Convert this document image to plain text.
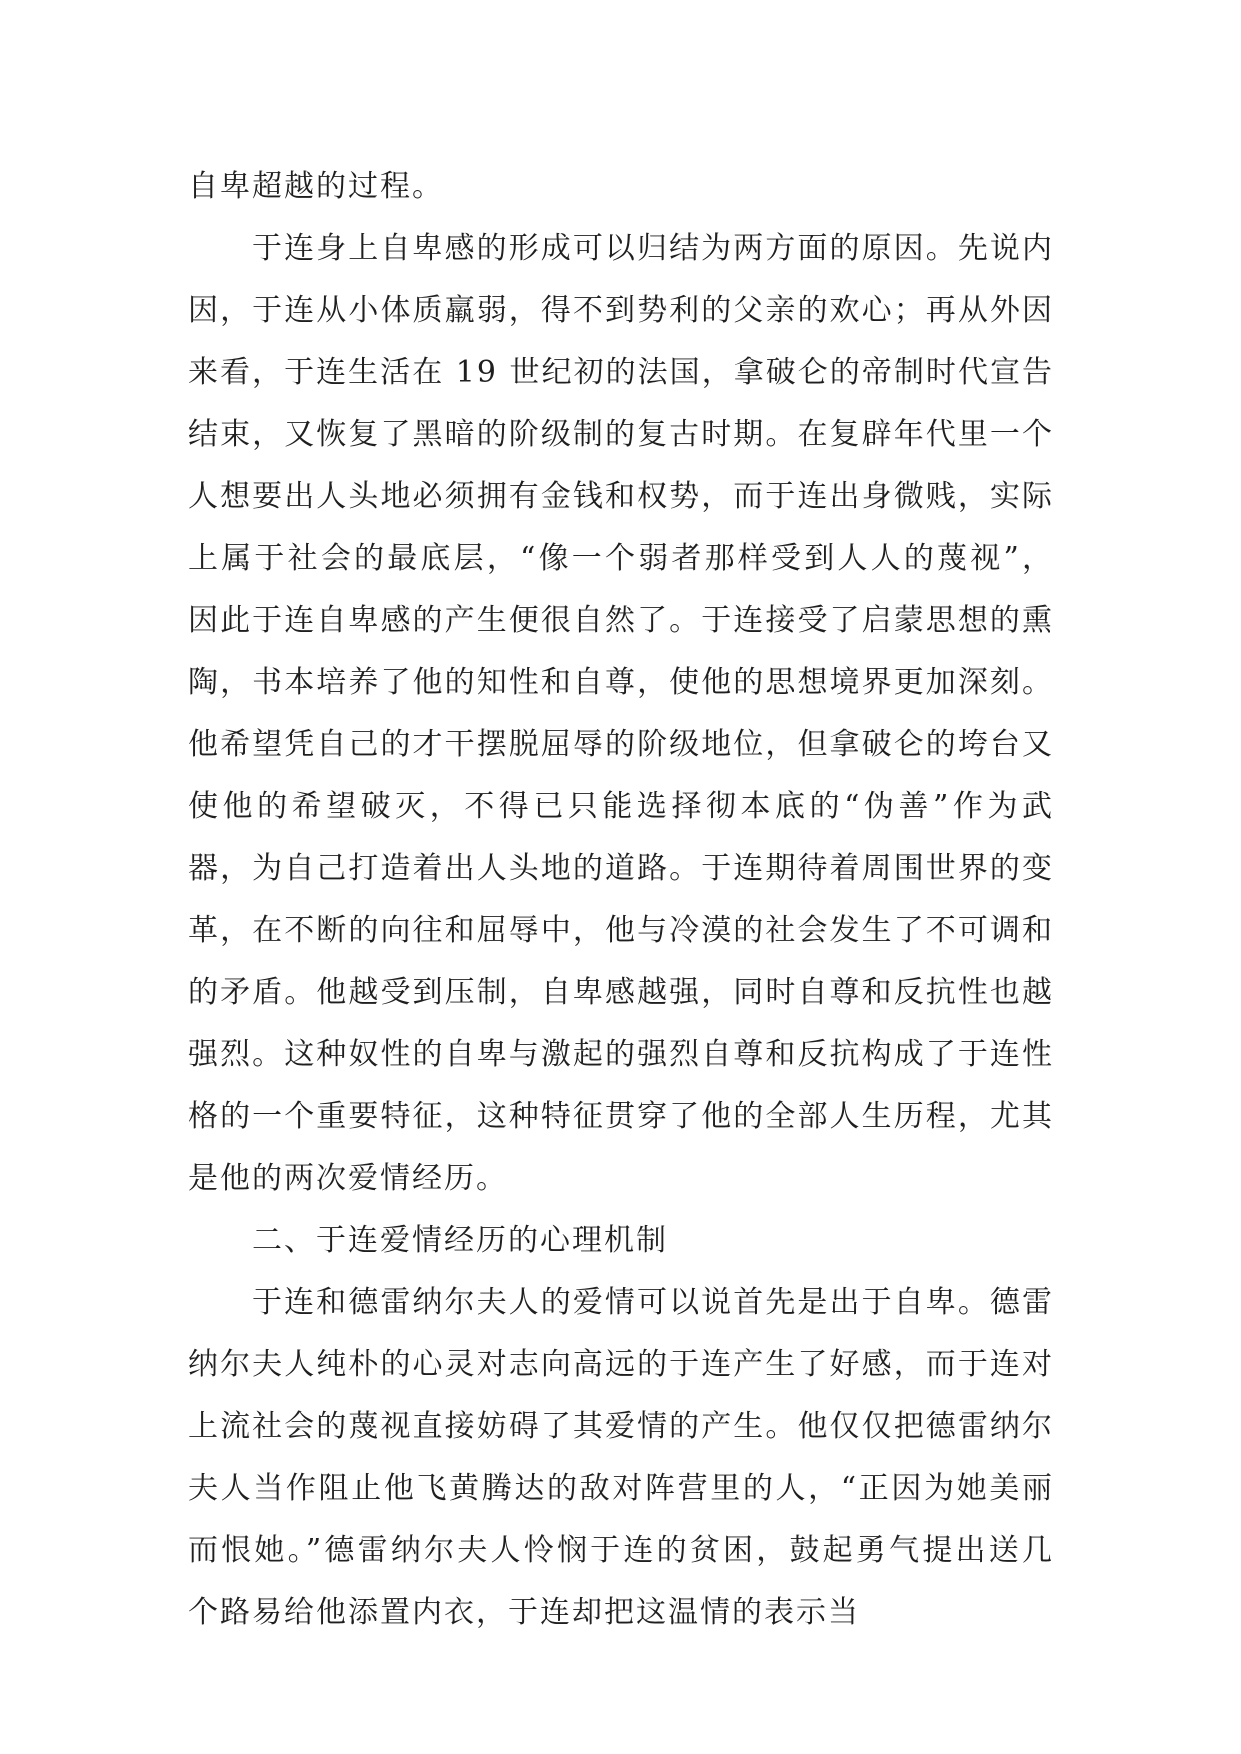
自卑超越的过程。

于连身上自卑感的形成可以归结为两方面的原因。先说内因，于连从小体质羸弱，得不到势利的父亲的欢心；再从外因来看，于连生活在 19 世纪初的法国，拿破仑的帝制时代宣告结束，又恢复了黑暗的阶级制的复古时期。在复辟年代里一个人想要出人头地必须拥有金钱和权势，而于连出身微贱，实际上属于社会的最底层，“像一个弱者那样受到人人的蔑视”，因此于连自卑感的产生便很自然了。于连接受了启蒙思想的熏陶，书本培养了他的知性和自尊，使他的思想境界更加深刻。他希望凭自己的才干摆脱屈辱的阶级地位，但拿破仑的垮台又使他的希望破灭，不得已只能选择彻本底的“伪善”作为武器，为自己打造着出人头地的道路。于连期待着周围世界的变革，在不断的向往和屈辱中，他与冷漠的社会发生了不可调和的矛盾。他越受到压制，自卑感越强，同时自尊和反抗性也越强烈。这种奴性的自卑与激起的强烈自尊和反抗构成了于连性格的一个重要特征，这种特征贯穿了他的全部人生历程，尤其是他的两次爱情经历。

二、于连爱情经历的心理机制

于连和德雷纳尔夫人的爱情可以说首先是出于自卑。德雷纳尔夫人纯朴的心灵对志向高远的于连产生了好感，而于连对上流社会的蔑视直接妨碍了其爱情的产生。他仅仅把德雷纳尔夫人当作阻止他飞黄腾达的敌对阵营里的人，“正因为她美丽而恨她。”德雷纳尔夫人怜悯于连的贫困，鼓起勇气提出送几个路易给他添置内衣，于连却把这温情的表示当
